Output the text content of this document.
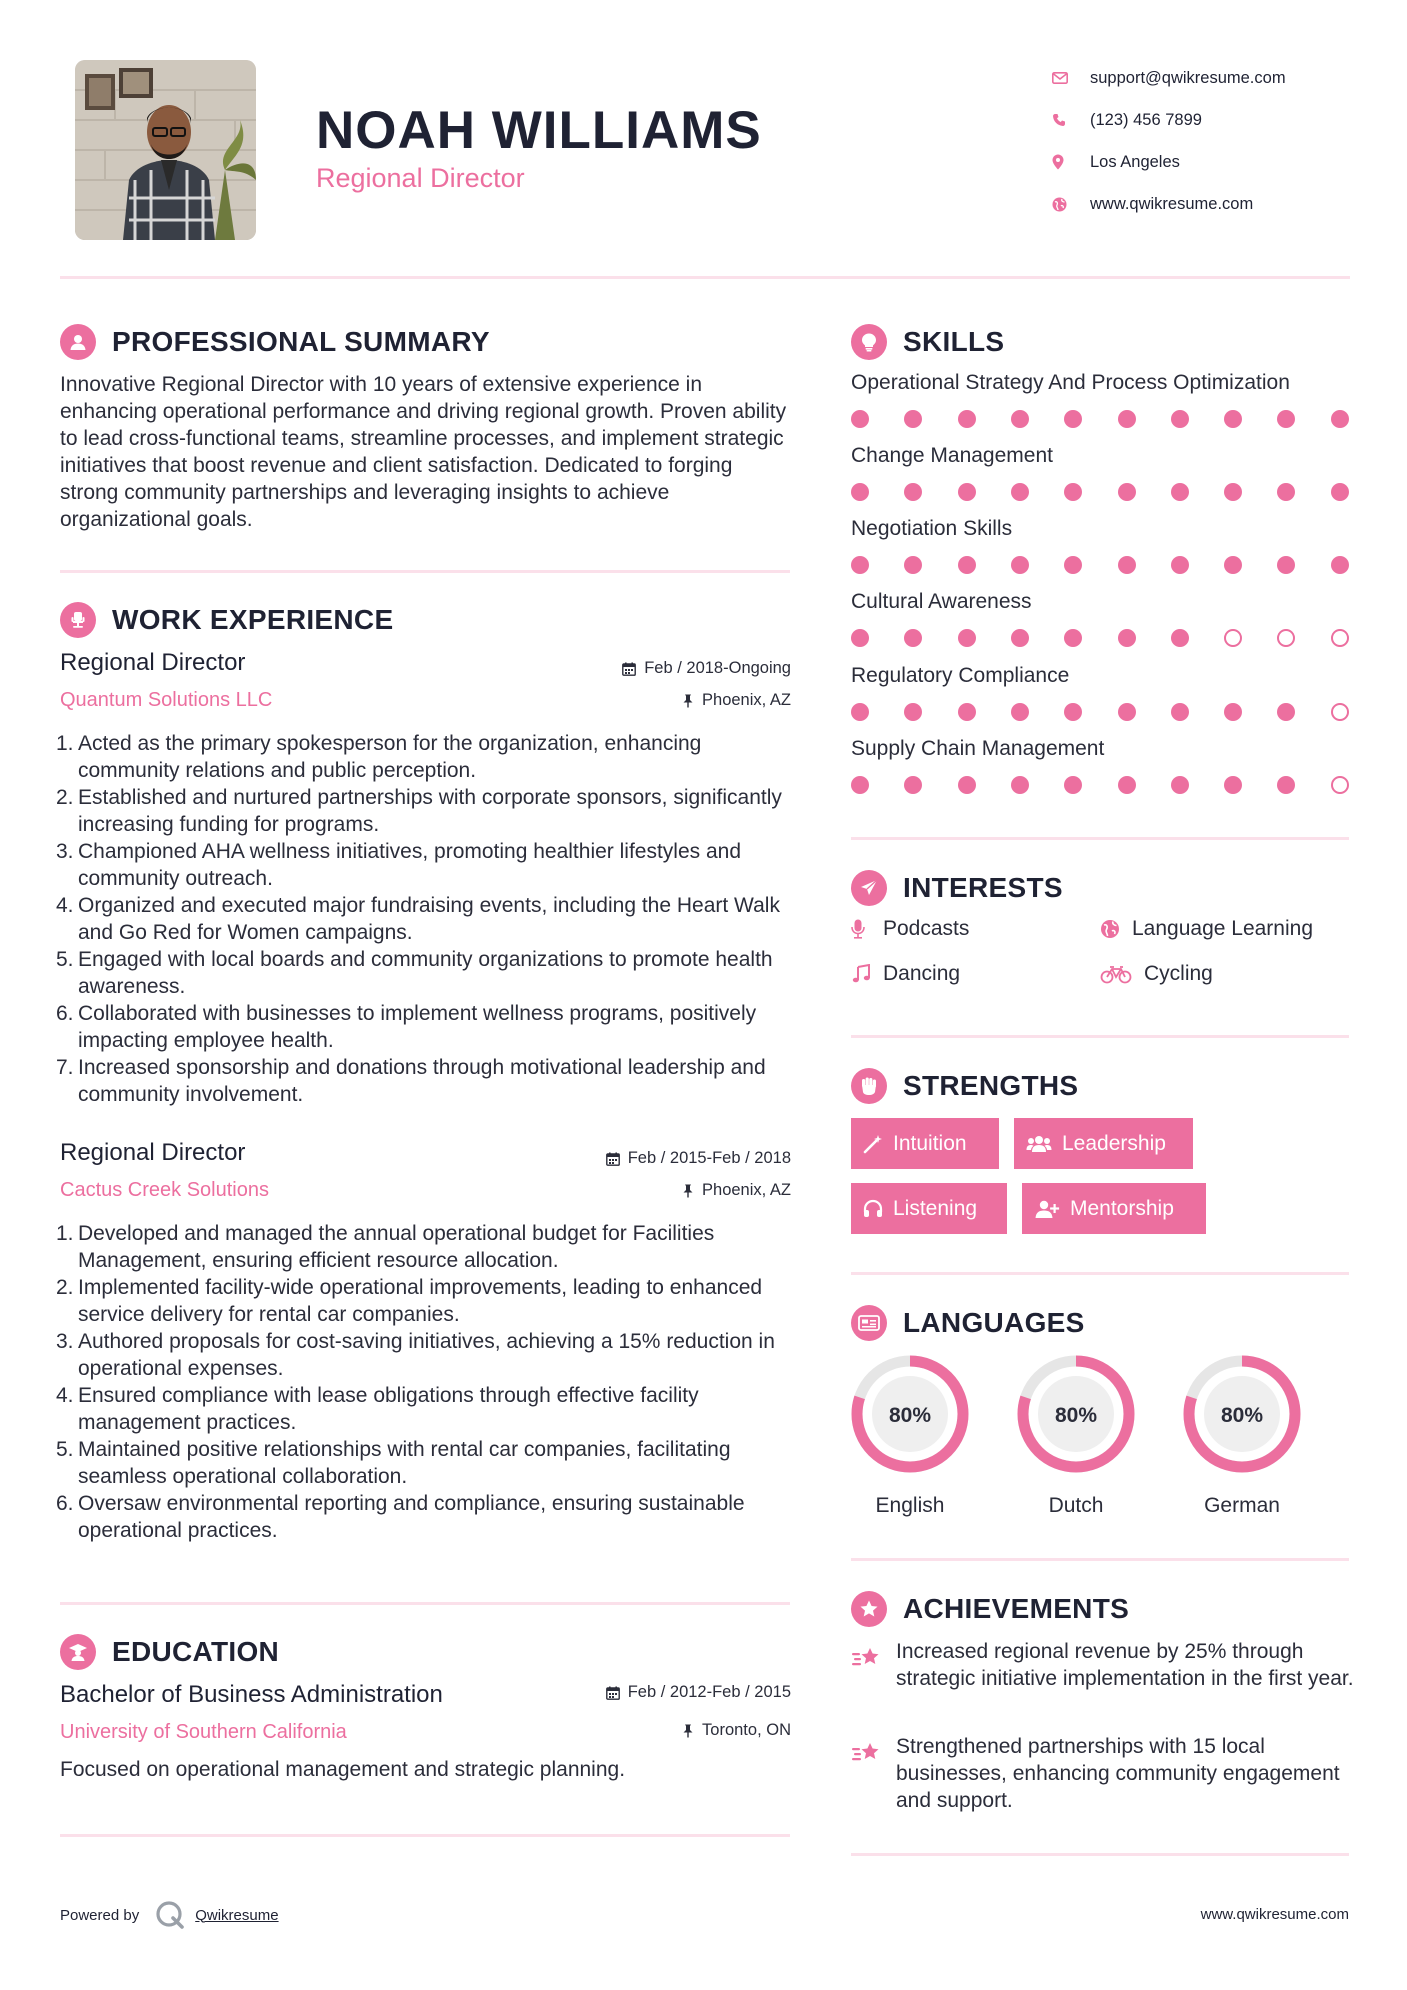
NOAH WILLIAMS
Regional Director
support@qwikresume.com
(123) 456 7899
Los Angeles
www.qwikresume.com
PROFESSIONAL SUMMARY
Innovative Regional Director with 10 years of extensive experience in enhancing operational performance and driving regional growth. Proven ability to lead cross-functional teams, streamline processes, and implement strategic initiatives that boost revenue and client satisfaction. Dedicated to forging strong community partnerships and leveraging insights to achieve organizational goals.
WORK EXPERIENCE
Regional Director
Quantum Solutions LLC
Feb / 2018-Ongoing
Phoenix, AZ
1. Acted as the primary spokesperson for the organization, enhancing community relations and public perception.
2. Established and nurtured partnerships with corporate sponsors, significantly increasing funding for programs.
3. Championed AHA wellness initiatives, promoting healthier lifestyles and community outreach.
4. Organized and executed major fundraising events, including the Heart Walk and Go Red for Women campaigns.
5. Engaged with local boards and community organizations to promote health awareness.
6. Collaborated with businesses to implement wellness programs, positively impacting employee health.
7. Increased sponsorship and donations through motivational leadership and community involvement.
Regional Director
Cactus Creek Solutions
Feb / 2015-Feb / 2018
Phoenix, AZ
1. Developed and managed the annual operational budget for Facilities Management, ensuring efficient resource allocation.
2. Implemented facility-wide operational improvements, leading to enhanced service delivery for rental car companies.
3. Authored proposals for cost-saving initiatives, achieving a 15% reduction in operational expenses.
4. Ensured compliance with lease obligations through effective facility management practices.
5. Maintained positive relationships with rental car companies, facilitating seamless operational collaboration.
6. Oversaw environmental reporting and compliance, ensuring sustainable operational practices.
EDUCATION
Bachelor of Business Administration
University of Southern California
Feb / 2012-Feb / 2015
Toronto, ON
Focused on operational management and strategic planning.
SKILLS
Operational Strategy And Process Optimization
Change Management
Negotiation Skills
Cultural Awareness
Regulatory Compliance
Supply Chain Management
INTERESTS
Podcasts	Language Learning
Dancing	Cycling
STRENGTHS
Intuition	Leadership
Listening	Mentorship
LANGUAGES
80%
English
80%
Dutch
80%
German
ACHIEVEMENTS
Increased regional revenue by 25% through strategic initiative implementation in the first year.
Strengthened partnerships with 15 local businesses, enhancing community engagement and support.
Powered by	Qwikresume	www.qwikresume.com
